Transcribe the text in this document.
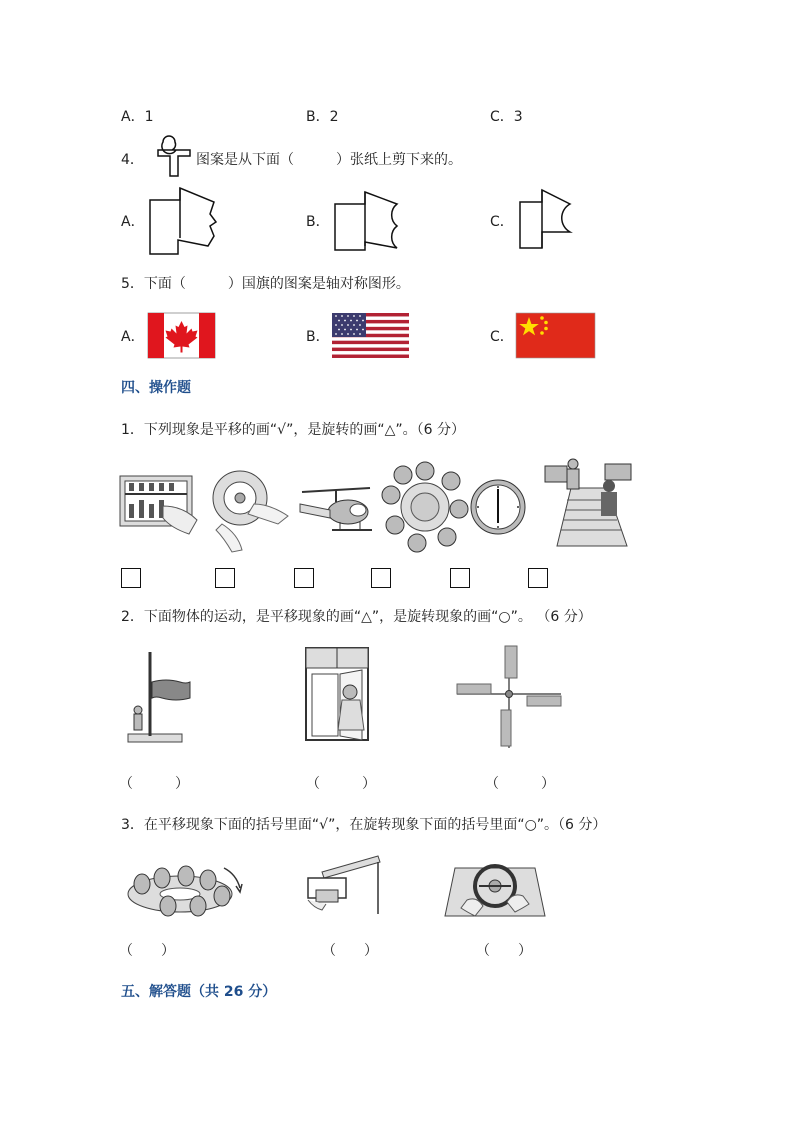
A．1	B．2	C．3
4．	图案是从下面（　　　）张纸上剪下来的。
A．	B．	C．
5．下面（　　　）国旗的图案是轴对称图形。
A．	B．	C．
四、操作题
1．下列现象是平移的画“√”，是旋转的画“△”。（6 分）
2．下面物体的运动，是平移现象的画“△”，是旋转现象的画“○”。 （6 分）
（　　　）	（　　　）	（　　　）
3．在平移现象下面的括号里面“√”，在旋转现象下面的括号里面“○”。（6 分）
（　　）	（　　）	（　　）
五、解答题（共 26 分）
